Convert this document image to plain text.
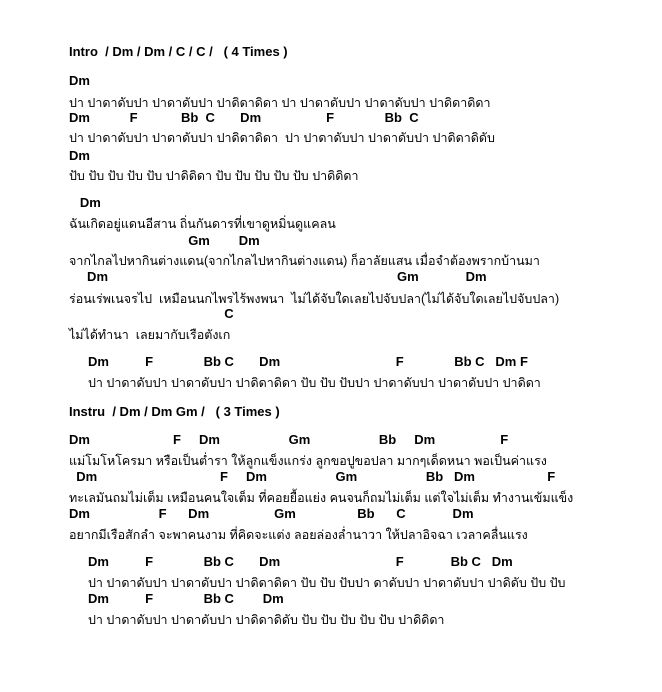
Intro  / Dm / Dm / C / C /   ( 4 Times )
Dm
ปา ปาดาดับปา ปาดาดับปา ปาดิดาดิดา ปา ปาดาดับปา ปาดาดับปา ปาดิดาดิดา
Dm           F            Bb  C       Dm                  F              Bb  C
ปา ปาดาดับปา ปาดาดับปา ปาดิดาดิดา  ปา ปาดาดับปา ปาดาดับปา ปาดิดาดิดับ
Dm
ปับ ปับ ปับ ปับ ปับ ปาดิดิดา ปับ ปับ ปับ ปับ ปับ ปาดิดิดา
Dm
ฉันเกิดอยู่แดนอีสาน ถิ่นกันดารที่เขาดูหมิ่นดูแคลน
Gm        Dm
จากไกลไปหากินต่างแดน(จากไกลไปหากินต่างแดน) ก็อาลัยแสน เมื่อจำต้องพรากบ้านมา
Dm                                                                                Gm             Dm
ร่อนเร่พเนจรไป  เหมือนนกไพรไร้พงพนา  ไม่ได้จับใดเลยไปจับปลา(ไม่ได้จับใดเลยไปจับปลา)
C
ไม่ได้ทำนา  เลยมากับเรือตังเก
Dm          F              Bb C       Dm                                F              Bb C   Dm F
ปา ปาดาดับปา ปาดาดับปา ปาดิดาดิดา ปับ ปับ ปับปา ปาดาดับปา ปาดาดับปา ปาดิดา
Instru  / Dm / Dm Gm /   ( 3 Times )
Dm                       F     Dm                   Gm                   Bb     Dm                  F
แม่โมโหโครมา หรือเป็นต่ำรา ให้ลูกแข็งแกร่ง ลูกขอปูขอปลา มากๆเด็ดหนา พอเป็นค่าแรง
Dm                                  F     Dm                   Gm                   Bb   Dm                    F
ทะเลมันถมไม่เต็ม เหมือนคนใจเต็ม ที่คอยยื้อแย่ง คนจนก็ถมไม่เต็ม แต่ใจไม่เต็ม ทำงานเข้มแข็ง
Dm                   F      Dm                  Gm                 Bb      C             Dm
อยากมีเรือสักลำ จะพาคนงาม ที่คิดจะแต่ง ลอยล่องล่ำนาวา ให้ปลาอิจฉา เวลาคลื่นแรง
Dm          F              Bb C       Dm                                F             Bb C   Dm
ปา ปาดาดับปา ปาดาดับปา ปาดิดาดิดา ปับ ปับ ปับปา ดาดับปา ปาดาดับปา ปาดิดับ ปับ ปับ
Dm          F              Bb C        Dm
ปา ปาดาดับปา ปาดาดับปา ปาดิดาดิดับ ปับ ปับ ปับ ปับ ปับ ปาดิดิดา
